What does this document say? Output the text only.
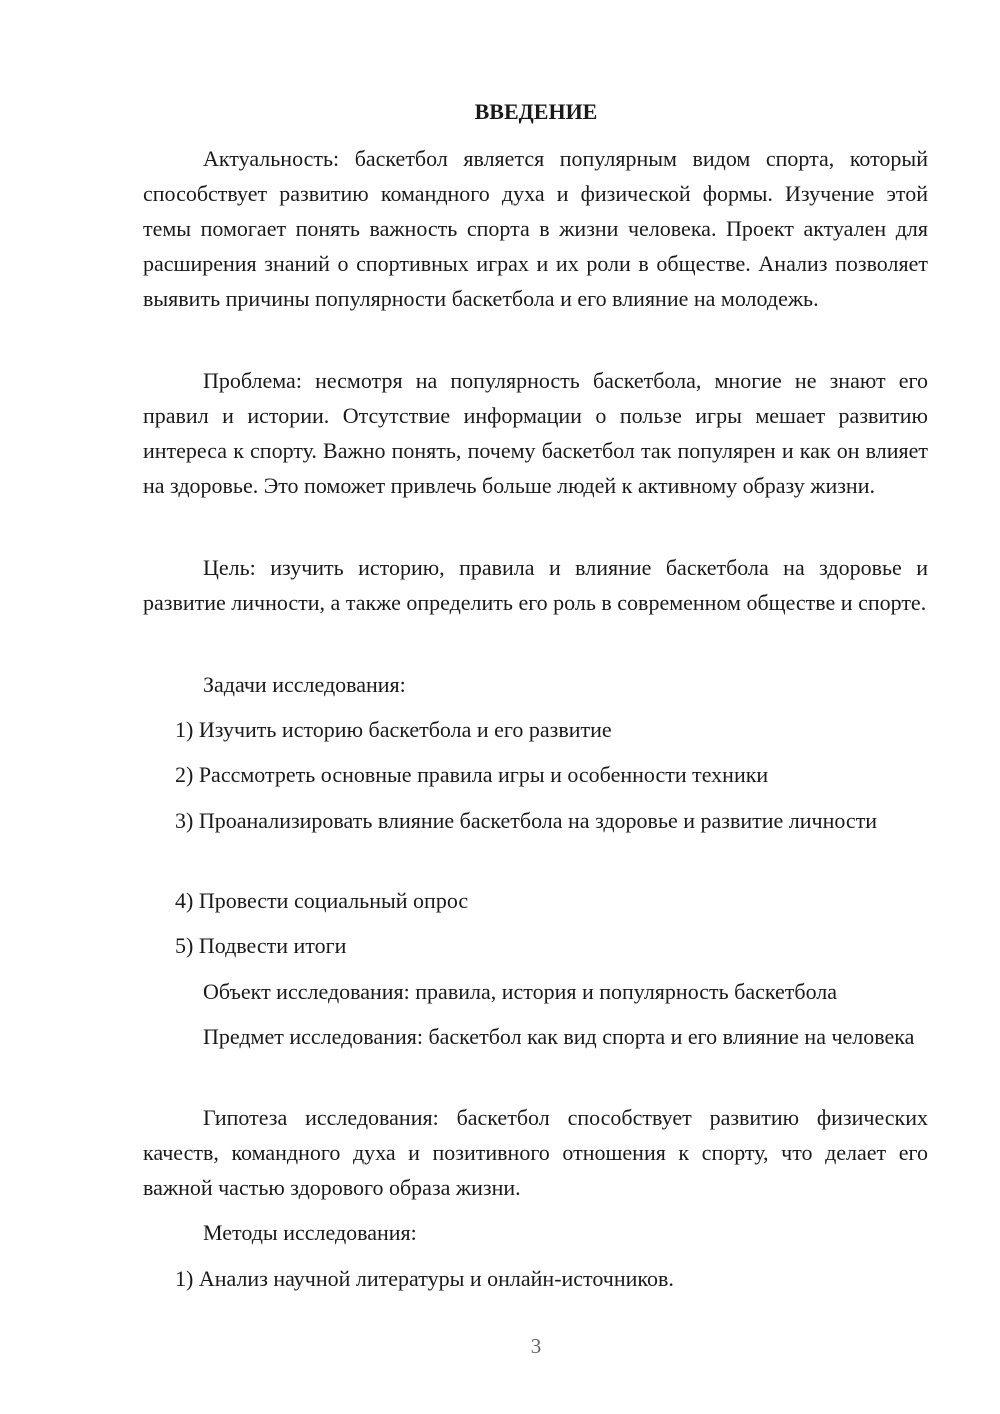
ВВЕДЕНИЕ

Актуальность: баскетбол является популярным видом спорта, который способствует развитию командного духа и физической формы. Изучение этой темы помогает понять важность спорта в жизни человека. Проект актуален для расширения знаний о спортивных играх и их роли в обществе. Анализ позволяет выявить причины популярности баскетбола и его влияние на молодежь.

Проблема: несмотря на популярность баскетбола, многие не знают его правил и истории. Отсутствие информации о пользе игры мешает развитию интереса к спорту. Важно понять, почему баскетбол так популярен и как он влияет на здоровье. Это поможет привлечь больше людей к активному образу жизни.

Цель: изучить историю, правила и влияние баскетбола на здоровье и развитие личности, а также определить его роль в современном обществе и спорте.

Задачи исследования:

1) Изучить историю баскетбола и его развитие

2) Рассмотреть основные правила игры и особенности техники

3) Проанализировать влияние баскетбола на здоровье и развитие личности

4) Провести социальный опрос

5) Подвести итоги

Объект исследования: правила, история и популярность баскетбола

Предмет исследования: баскетбол как вид спорта и его влияние на человека

Гипотеза исследования: баскетбол способствует развитию физических качеств, командного духа и позитивного отношения к спорту, что делает его важной частью здорового образа жизни.

Методы исследования:

1) Анализ научной литературы и онлайн-источников.

3
